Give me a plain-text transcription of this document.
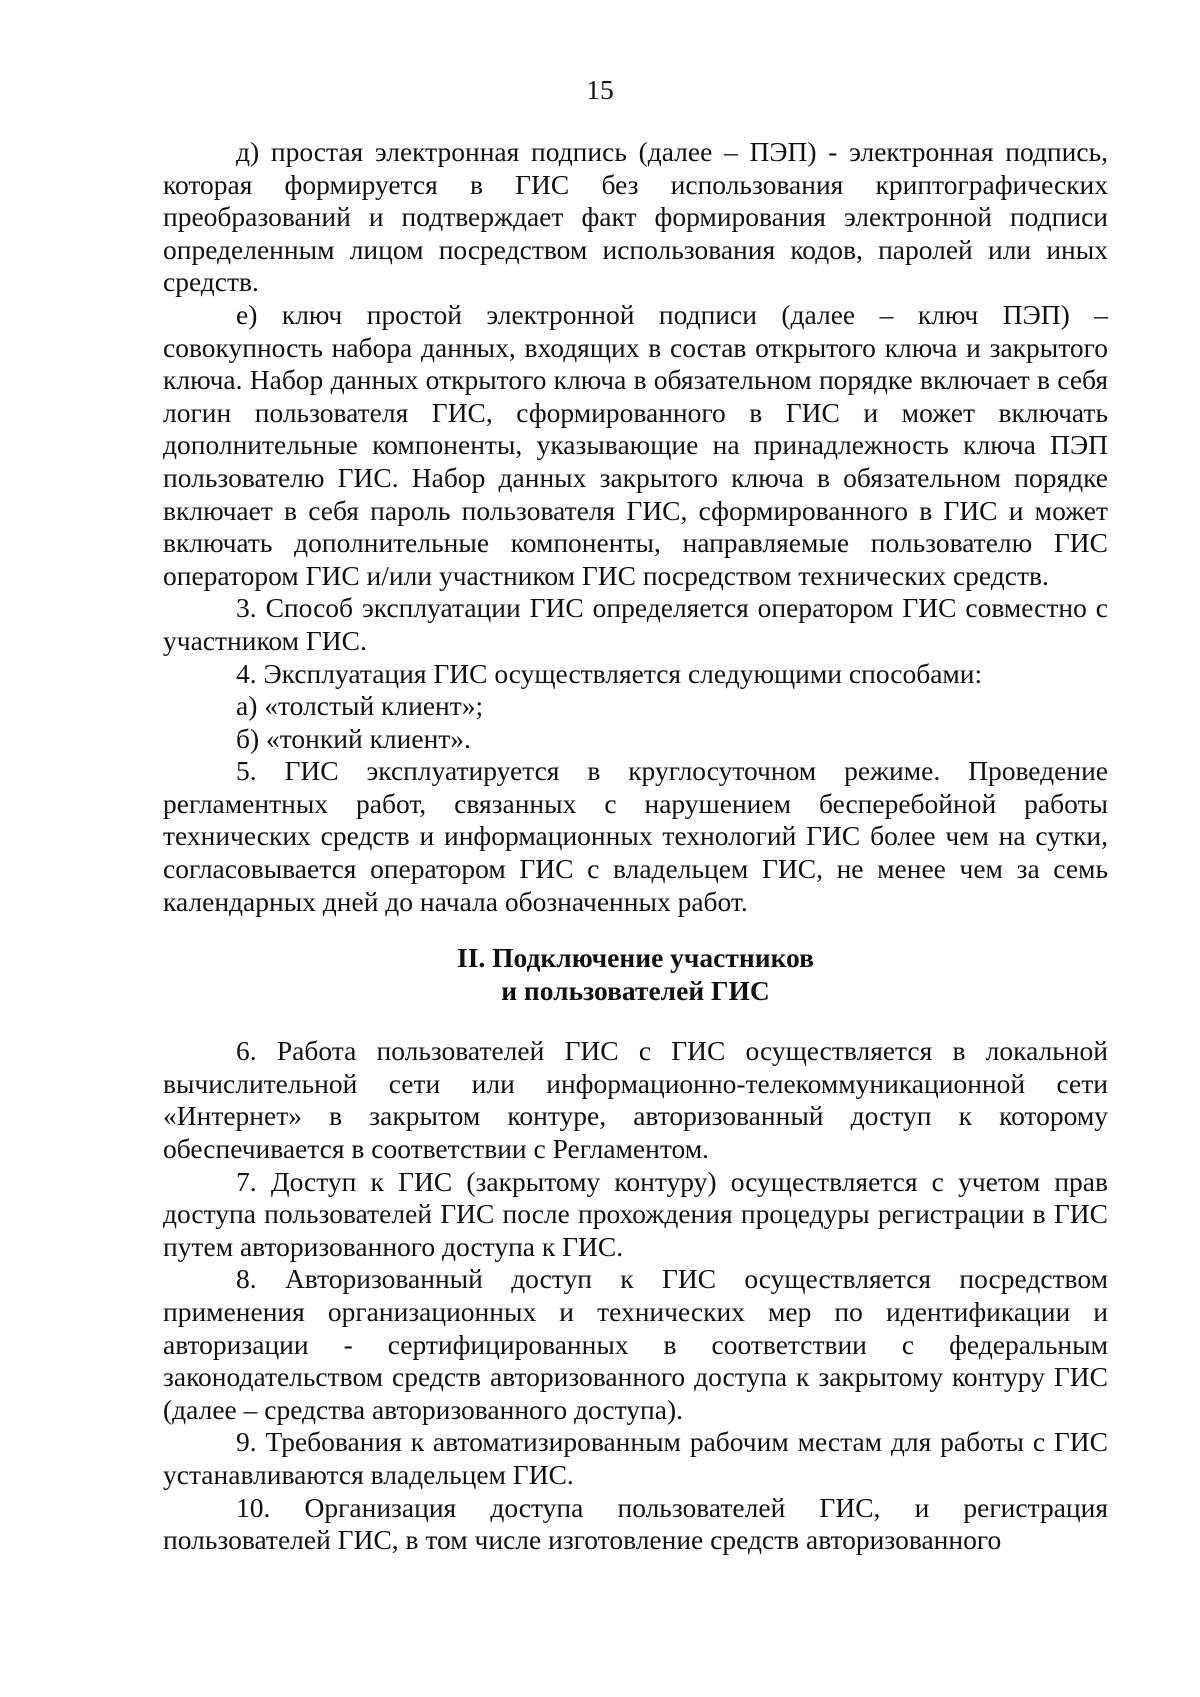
15

д) простая электронная подпись (далее – ПЭП) - электронная подпись, которая формируется в ГИС без использования криптографических преобразований и подтверждает факт формирования электронной подписи определенным лицом посредством использования кодов, паролей или иных средств.

е) ключ простой электронной подписи (далее – ключ ПЭП) – совокупность набора данных, входящих в состав открытого ключа и закрытого ключа. Набор данных открытого ключа в обязательном порядке включает в себя логин пользователя ГИС, сформированного в ГИС и может включать дополнительные компоненты, указывающие на принадлежность ключа ПЭП пользователю ГИС. Набор данных закрытого ключа в обязательном порядке включает в себя пароль пользователя ГИС, сформированного в ГИС и может включать дополнительные компоненты, направляемые пользователю ГИС оператором ГИС и/или участником ГИС посредством технических средств.

3. Способ эксплуатации ГИС определяется оператором ГИС совместно с участником ГИС.

4. Эксплуатация ГИС осуществляется следующими способами:

а) «толстый клиент»;

б) «тонкий клиент».

5. ГИС эксплуатируется в круглосуточном режиме. Проведение регламентных работ, связанных с нарушением бесперебойной работы технических средств и информационных технологий ГИС более чем на сутки, согласовывается оператором ГИС с владельцем ГИС, не менее чем за семь календарных дней до начала обозначенных работ.

II. Подключение участников
и пользователей ГИС

6. Работа пользователей ГИС с ГИС осуществляется в локальной вычислительной сети или информационно-телекоммуникационной сети «Интернет» в закрытом контуре, авторизованный доступ к которому обеспечивается в соответствии с Регламентом.

7. Доступ к ГИС (закрытому контуру) осуществляется с учетом прав доступа пользователей ГИС после прохождения процедуры регистрации в ГИС путем авторизованного доступа к ГИС.

8. Авторизованный доступ к ГИС осуществляется посредством применения организационных и технических мер по идентификации и авторизации - сертифицированных в соответствии с федеральным законодательством средств авторизованного доступа к закрытому контуру ГИС (далее – средства авторизованного доступа).

9. Требования к автоматизированным рабочим местам для работы с ГИС устанавливаются владельцем ГИС.

10. Организация доступа пользователей ГИС, и регистрация пользователей ГИС, в том числе изготовление средств авторизованного
